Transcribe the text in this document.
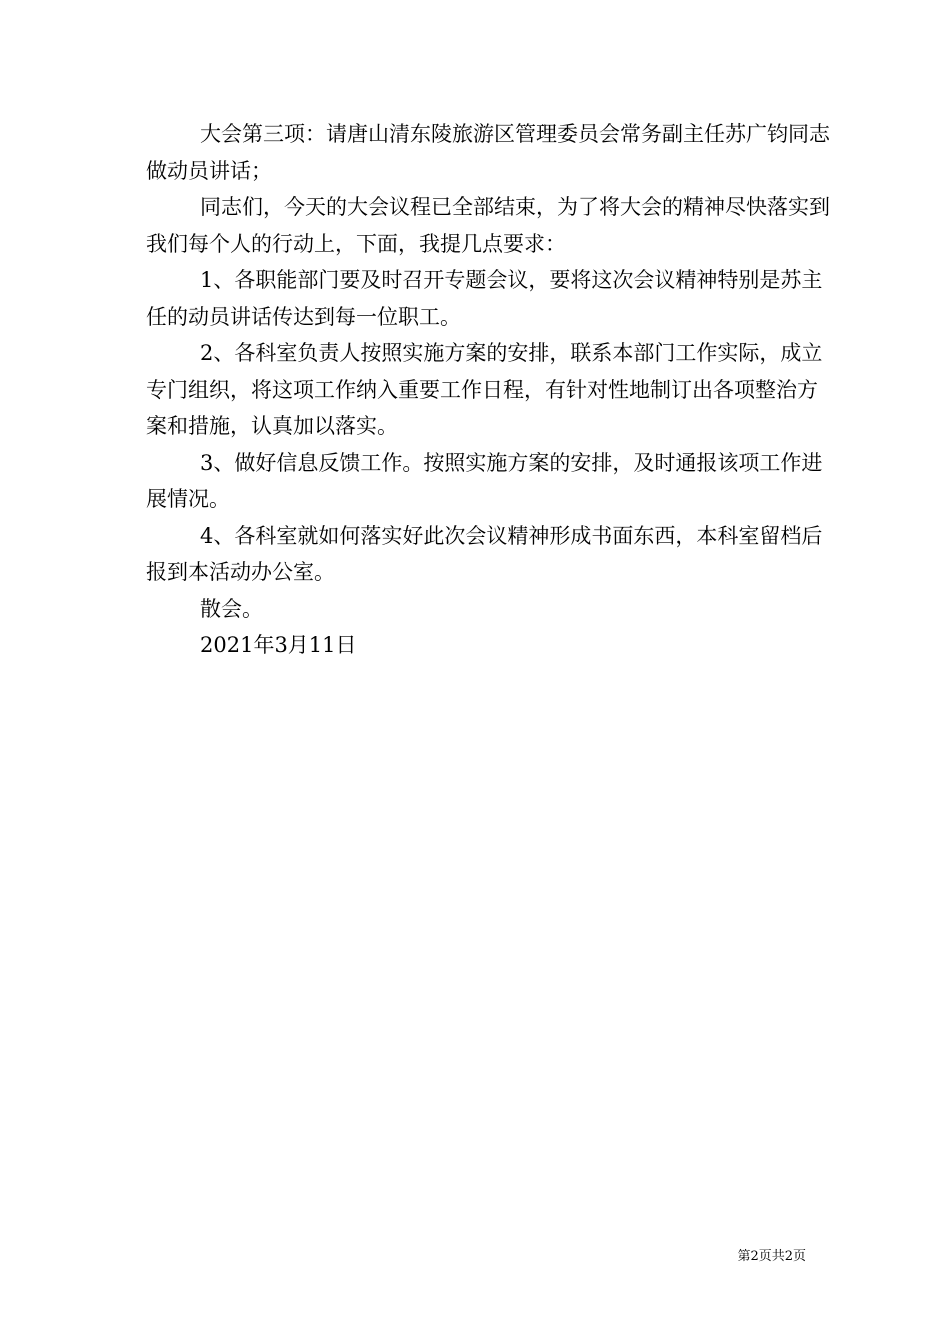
大会第三项：请唐山清东陵旅游区管理委员会常务副主任苏广钧同志做动员讲话；

同志们，今天的大会议程已全部结束，为了将大会的精神尽快落实到我们每个人的行动上，下面，我提几点要求：

1、各职能部门要及时召开专题会议，要将这次会议精神特别是苏主任的动员讲话传达到每一位职工。

2、各科室负责人按照实施方案的安排，联系本部门工作实际，成立专门组织，将这项工作纳入重要工作日程，有针对性地制订出各项整治方案和措施，认真加以落实。

3、做好信息反馈工作。按照实施方案的安排，及时通报该项工作进展情况。

4、各科室就如何落实好此次会议精神形成书面东西，本科室留档后报到本活动办公室。

散会。

2021年3月11日

第2页共2页
